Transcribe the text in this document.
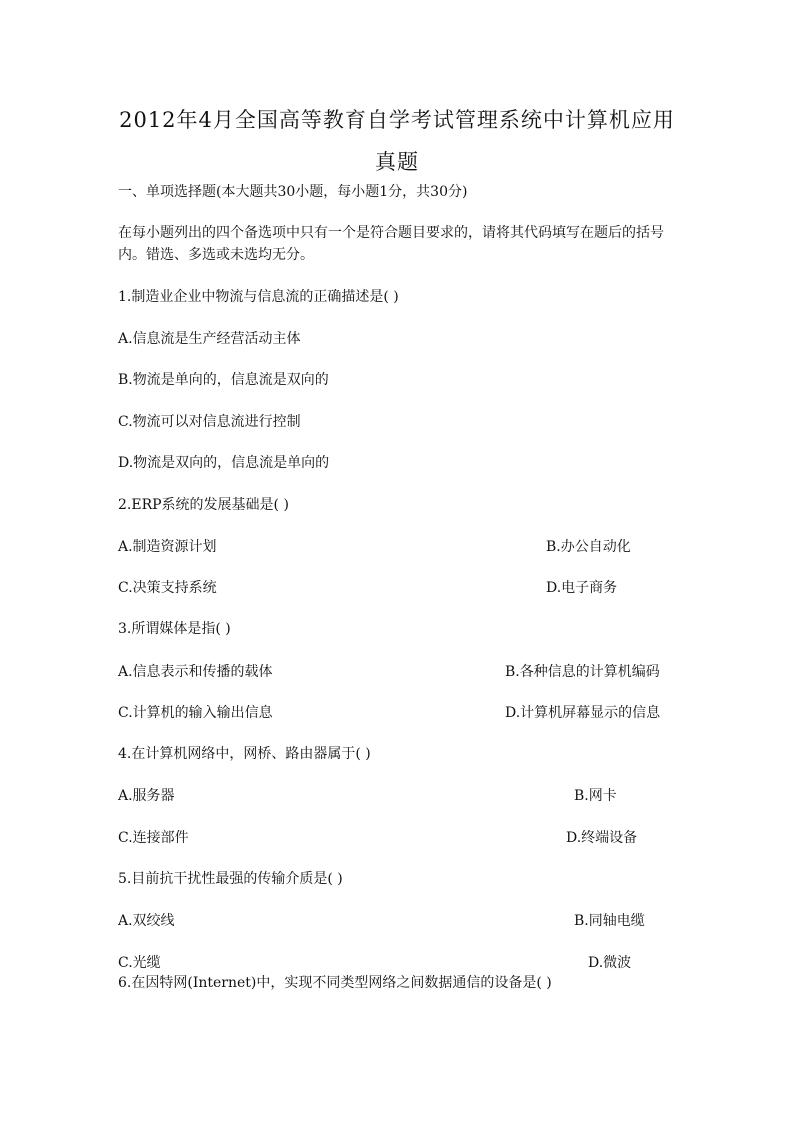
2012年4月全国高等教育自学考试管理系统中计算机应用
真题
一、单项选择题(本大题共30小题，每小题1分，共30分)
在每小题列出的四个备选项中只有一个是符合题目要求的，请将其代码填写在题后的括号内。错选、多选或未选均无分。
1.制造业企业中物流与信息流的正确描述是( )
A.信息流是生产经营活动主体
B.物流是单向的，信息流是双向的
C.物流可以对信息流进行控制
D.物流是双向的，信息流是单向的
2.ERP系统的发展基础是( )
A.制造资源计划	B.办公自动化
C.决策支持系统	D.电子商务
3.所谓媒体是指( )
A.信息表示和传播的载体	B.各种信息的计算机编码
C.计算机的输入输出信息	D.计算机屏幕显示的信息
4.在计算机网络中，网桥、路由器属于( )
A.服务器	B.网卡
C.连接部件	D.终端设备
5.目前抗干扰性最强的传输介质是( )
A.双绞线	B.同轴电缆
C.光缆	D.微波
6.在因特网(Internet)中，实现不同类型网络之间数据通信的设备是( )
